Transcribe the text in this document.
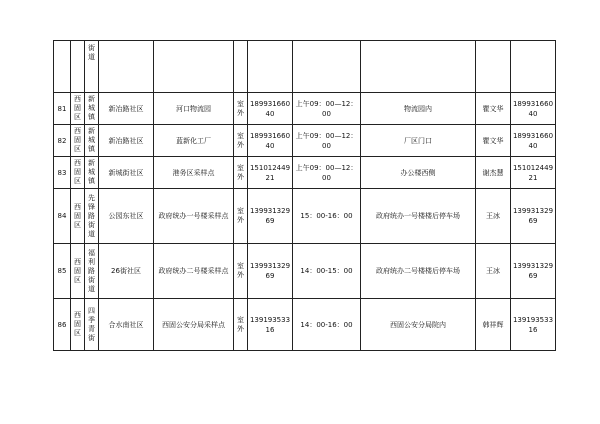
		街道								

81	西固区	新城镇	新冶路社区	河口物流园	室外	18993166040	上午09：00—12：00	物流园内	瞿文华	18993166040
82	西固区	新城镇	新冶路社区	蓝新化工厂	室外	18993166040	上午09：00—12：00	厂区门口	瞿文华	18993166040
83	西固区	新城镇	新城街社区	港务区采样点	室外	15101244921	上午09：00—12：00	办公楼西侧	谢杰慧	15101244921
84	西固区	先锋路街道	公园东社区	政府统办一号楼采样点	室外	13993132969	15：00-16：00	政府统办一号楼楼后停车场	王冰	13993132969
85	西固区	福利路街道	26街社区	政府统办二号楼采样点	室外	13993132969	14：00-15：00	政府统办二号楼楼后停车场	王冰	13993132969
86	西固区	四季青街	合水南社区	西固公安分局采样点	室外	13919353316	14：00-16：00	西固公安分局院内	韩祥辉	13919353316
